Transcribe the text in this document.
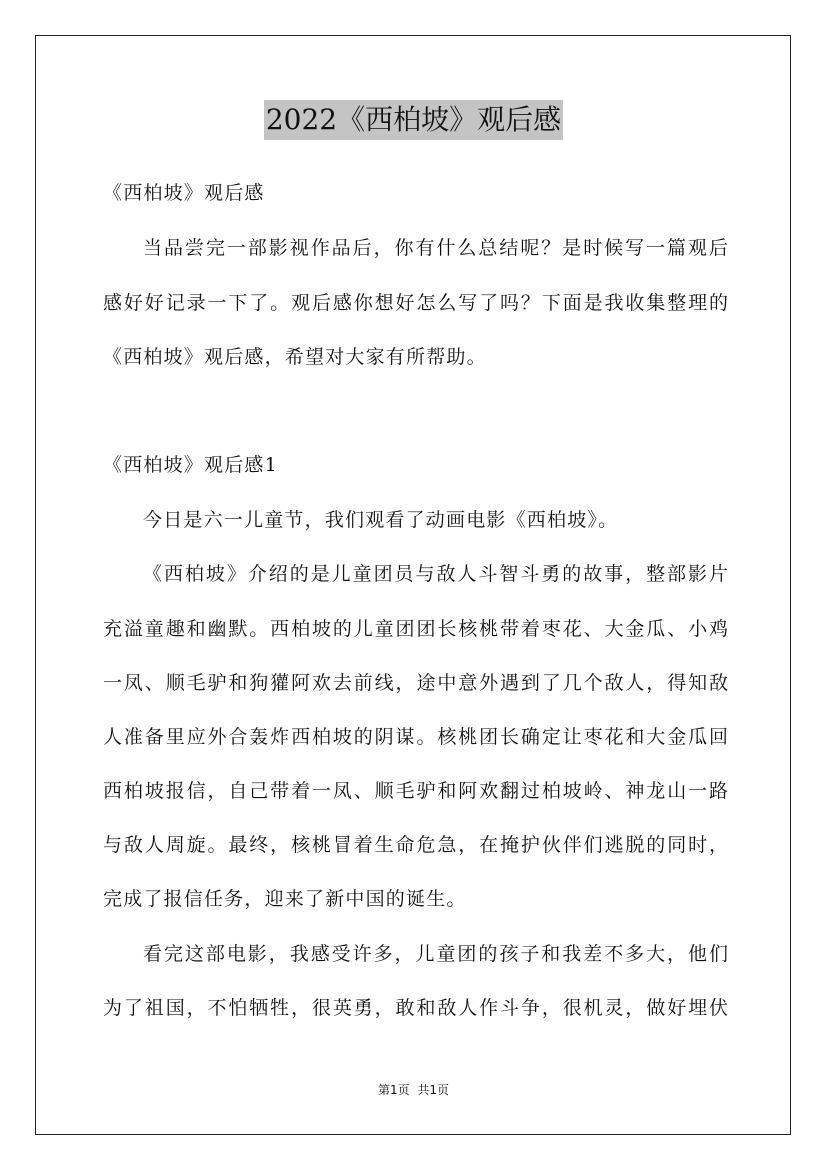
2022《西柏坡》观后感
《西柏坡》观后感
当品尝完一部影视作品后，你有什么总结呢？是时候写一篇观后
感好好记录一下了。观后感你想好怎么写了吗？下面是我收集整理的
《西柏坡》观后感，希望对大家有所帮助。
《西柏坡》观后感1
今日是六一儿童节，我们观看了动画电影《西柏坡》。
《西柏坡》介绍的是儿童团员与敌人斗智斗勇的故事，整部影片
充溢童趣和幽默。西柏坡的儿童团团长核桃带着枣花、大金瓜、小鸡
一凤、顺毛驴和狗獾阿欢去前线，途中意外遇到了几个敌人，得知敌
人准备里应外合轰炸西柏坡的阴谋。核桃团长确定让枣花和大金瓜回
西柏坡报信，自己带着一凤、顺毛驴和阿欢翻过柏坡岭、神龙山一路
与敌人周旋。最终，核桃冒着生命危急，在掩护伙伴们逃脱的同时，
完成了报信任务，迎来了新中国的诞生。
看完这部电影，我感受许多，儿童团的孩子和我差不多大，他们
为了祖国，不怕牺牲，很英勇，敢和敌人作斗争，很机灵，做好埋伏
第1页 共1页
